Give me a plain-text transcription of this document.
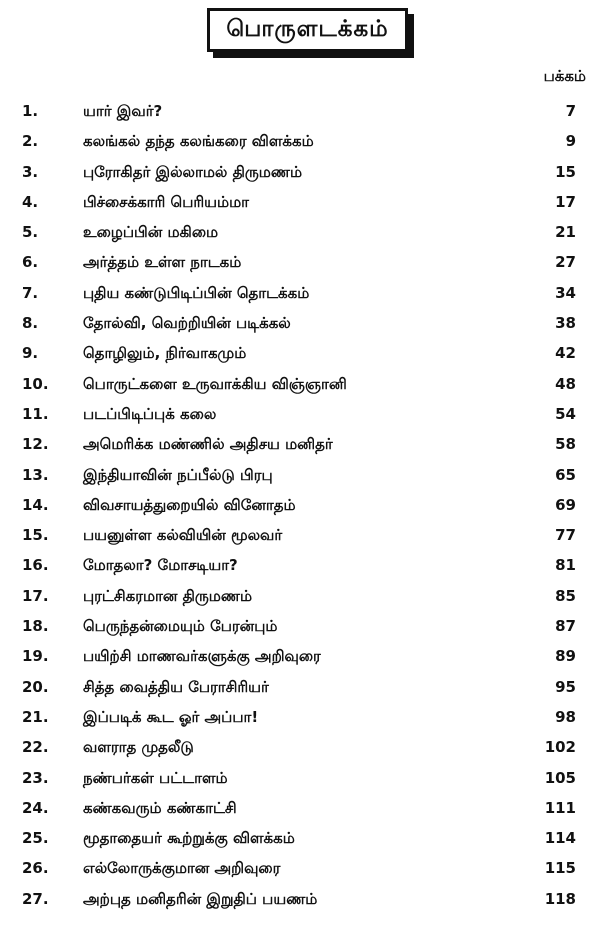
பொருளடக்கம்
பக்கம்
1.	யார் இவர்?	7
2.	கலங்கல் தந்த கலங்கரை விளக்கம்	9
3.	புரோகிதர் இல்லாமல் திருமணம்	15
4.	பிச்சைக்காரி பெரியம்மா	17
5.	உழைப்பின் மகிமை	21
6.	அர்த்தம் உள்ள நாடகம்	27
7.	புதிய கண்டுபிடிப்பின் தொடக்கம்	34
8.	தோல்வி, வெற்றியின் படிக்கல்	38
9.	தொழிலும், நிர்வாகமும்	42
10. பொருட்களை உருவாக்கிய விஞ்ஞானி	48
11. படப்பிடிப்புக் கலை	54
12. அமெரிக்க மண்ணில் அதிசய மனிதர்	58
13. இந்தியாவின் நப்பீல்டு பிரபு	65
14. விவசாயத்துறையில் வினோதம்	69
15. பயனுள்ள கல்வியின் மூலவர்	77
16. மோதலா? மோசடியா?	81
17. புரட்சிகரமான திருமணம்	85
18. பெருந்தன்மையும் பேரன்பும்	87
19. பயிற்சி மாணவர்களுக்கு அறிவுரை	89
20. சித்த வைத்திய பேராசிரியர்	95
21. இப்படிக் கூட ஓர் அப்பா!	98
22. வளராத முதலீடு	102
23. நண்பர்கள் பட்டாளம்	105
24. கண்கவரும் கண்காட்சி	111
25. மூதாதையர் கூற்றுக்கு விளக்கம்	114
26. எல்லோருக்குமான அறிவுரை	115
27. அற்புத மனிதரின் இறுதிப் பயணம்	118
